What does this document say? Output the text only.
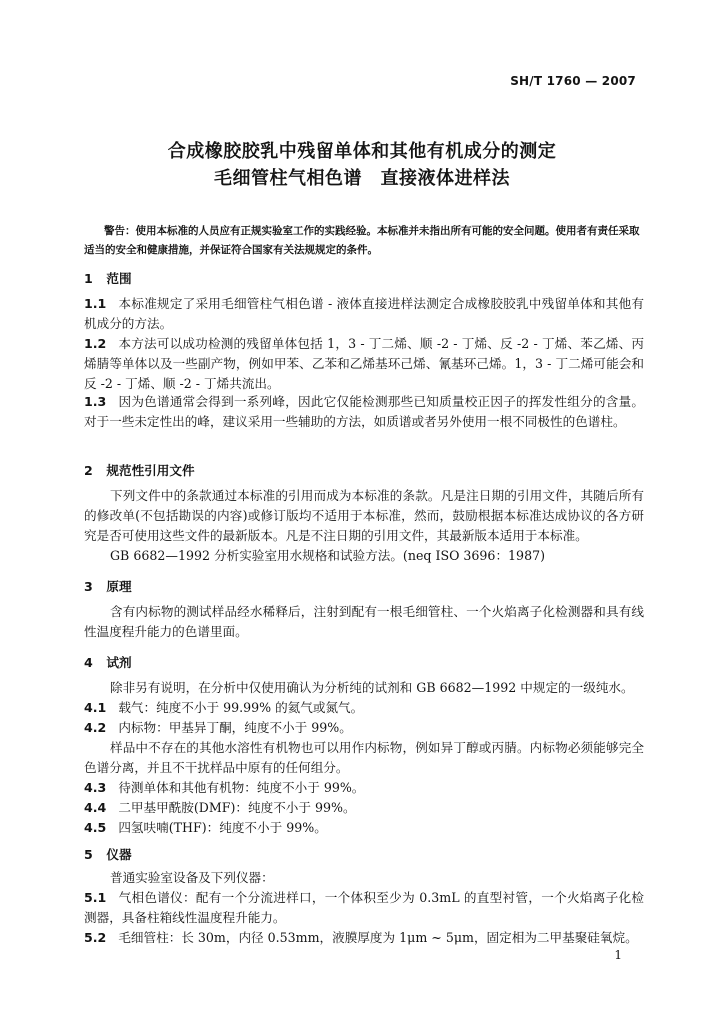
SH/T 1760 — 2007
合成橡胶胶乳中残留单体和其他有机成分的测定
毛细管柱气相色谱　直接液体进样法
警告：使用本标准的人员应有正规实验室工作的实践经验。本标准并未指出所有可能的安全问题。使用者有责任采取适当的安全和健康措施，并保证符合国家有关法规规定的条件。
1 范围
1.1 本标准规定了采用毛细管柱气相色谱 - 液体直接进样法测定合成橡胶胶乳中残留单体和其他有机成分的方法。
1.2 本方法可以成功检测的残留单体包括 1，3 - 丁二烯、顺 -2 - 丁烯、反 -2 - 丁烯、苯乙烯、丙烯腈等单体以及一些副产物，例如甲苯、乙苯和乙烯基环己烯、氰基环己烯。1，3 - 丁二烯可能会和反 -2 - 丁烯、顺 -2 - 丁烯共流出。
1.3 因为色谱通常会得到一系列峰，因此它仅能检测那些已知质量校正因子的挥发性组分的含量。对于一些未定性出的峰，建议采用一些辅助的方法，如质谱或者另外使用一根不同极性的色谱柱。
2 规范性引用文件
下列文件中的条款通过本标准的引用而成为本标准的条款。凡是注日期的引用文件，其随后所有的修改单(不包括勘误的内容)或修订版均不适用于本标准，然而，鼓励根据本标准达成协议的各方研究是否可使用这些文件的最新版本。凡是不注日期的引用文件，其最新版本适用于本标准。
GB 6682—1992 分析实验室用水规格和试验方法。(neq ISO 3696：1987)
3 原理
含有内标物的测试样品经水稀释后，注射到配有一根毛细管柱、一个火焰离子化检测器和具有线性温度程升能力的色谱里面。
4 试剂
除非另有说明，在分析中仅使用确认为分析纯的试剂和 GB 6682—1992 中规定的一级纯水。
4.1 载气：纯度不小于 99.99% 的氦气或氮气。
4.2 内标物：甲基异丁酮，纯度不小于 99%。
样品中不存在的其他水溶性有机物也可以用作内标物，例如异丁醇或丙腈。内标物必须能够完全色谱分离，并且不干扰样品中原有的任何组分。
4.3 待测单体和其他有机物：纯度不小于 99%。
4.4 二甲基甲酰胺(DMF)：纯度不小于 99%。
4.5 四氢呋喃(THF)：纯度不小于 99%。
5 仪器
普通实验室设备及下列仪器：
5.1 气相色谱仪：配有一个分流进样口，一个体积至少为 0.3mL 的直型衬管，一个火焰离子化检测器，具备柱箱线性温度程升能力。
5.2 毛细管柱：长 30m，内径 0.53mm，液膜厚度为 1μm ~ 5μm，固定相为二甲基聚硅氧烷。
1
